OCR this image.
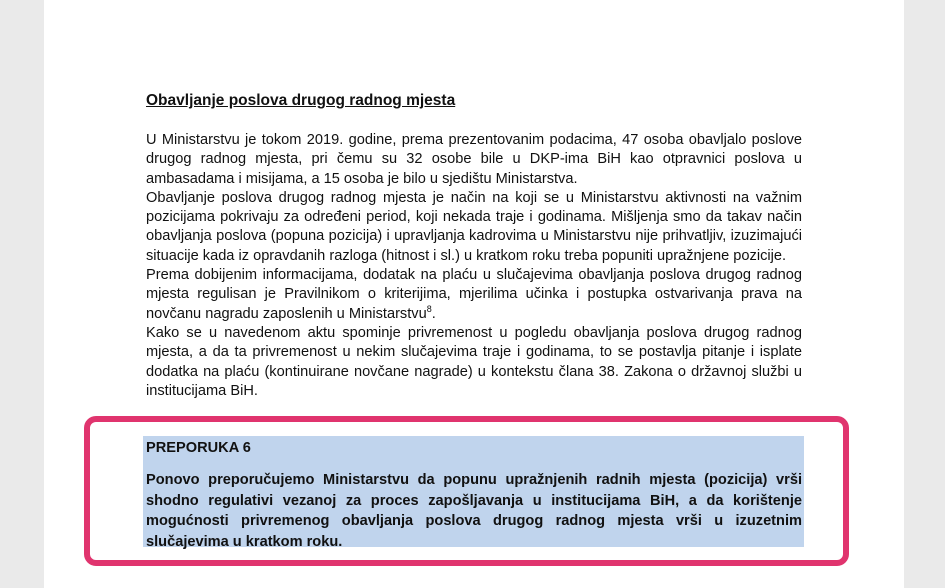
Obavljanje poslova drugog radnog mjesta

U Ministarstvu je tokom 2019. godine, prema prezentovanim podacima, 47 osoba obavljalo poslove drugog radnog mjesta, pri čemu su 32 osobe bile u DKP-ima BiH kao otpravnici poslova u ambasadama i misijama, a 15 osoba je bilo u sjedištu Ministarstva.

Obavljanje poslova drugog radnog mjesta je način na koji se u Ministarstvu aktivnosti na važnim pozicijama pokrivaju za određeni period, koji nekada traje i godinama. Mišljenja smo da takav način obavljanja poslova (popuna pozicija) i upravljanja kadrovima u Ministarstvu nije prihvatljiv, izuzimajući situacije kada iz opravdanih razloga (hitnost i sl.) u kratkom roku treba popuniti upražnjene pozicije.

Prema dobijenim informacijama, dodatak na plaću u slučajevima obavljanja poslova drugog radnog mjesta regulisan je Pravilnikom o kriterijima, mjerilima učinka i postupka ostvarivanja prava na novčanu nagradu zaposlenih u Ministarstvu$^8$.

Kako se u navedenom aktu spominje privremenost u pogledu obavljanja poslova drugog radnog mjesta, a da ta privremenost u nekim slučajevima traje i godinama, to se postavlja pitanje i isplate dodatka na plaću (kontinuirane novčane nagrade) u kontekstu člana 38. Zakona o državnoj službi u institucijama BiH.

PREPORUKA 6

Ponovo preporučujemo Ministarstvu da popunu upražnjenih radnih mjesta (pozicija) vrši shodno regulativi vezanoj za proces zapošljavanja u institucijama BiH, a da korištenje mogućnosti privremenog obavljanja poslova drugog radnog mjesta vrši u izuzetnim slučajevima u kratkom roku.
